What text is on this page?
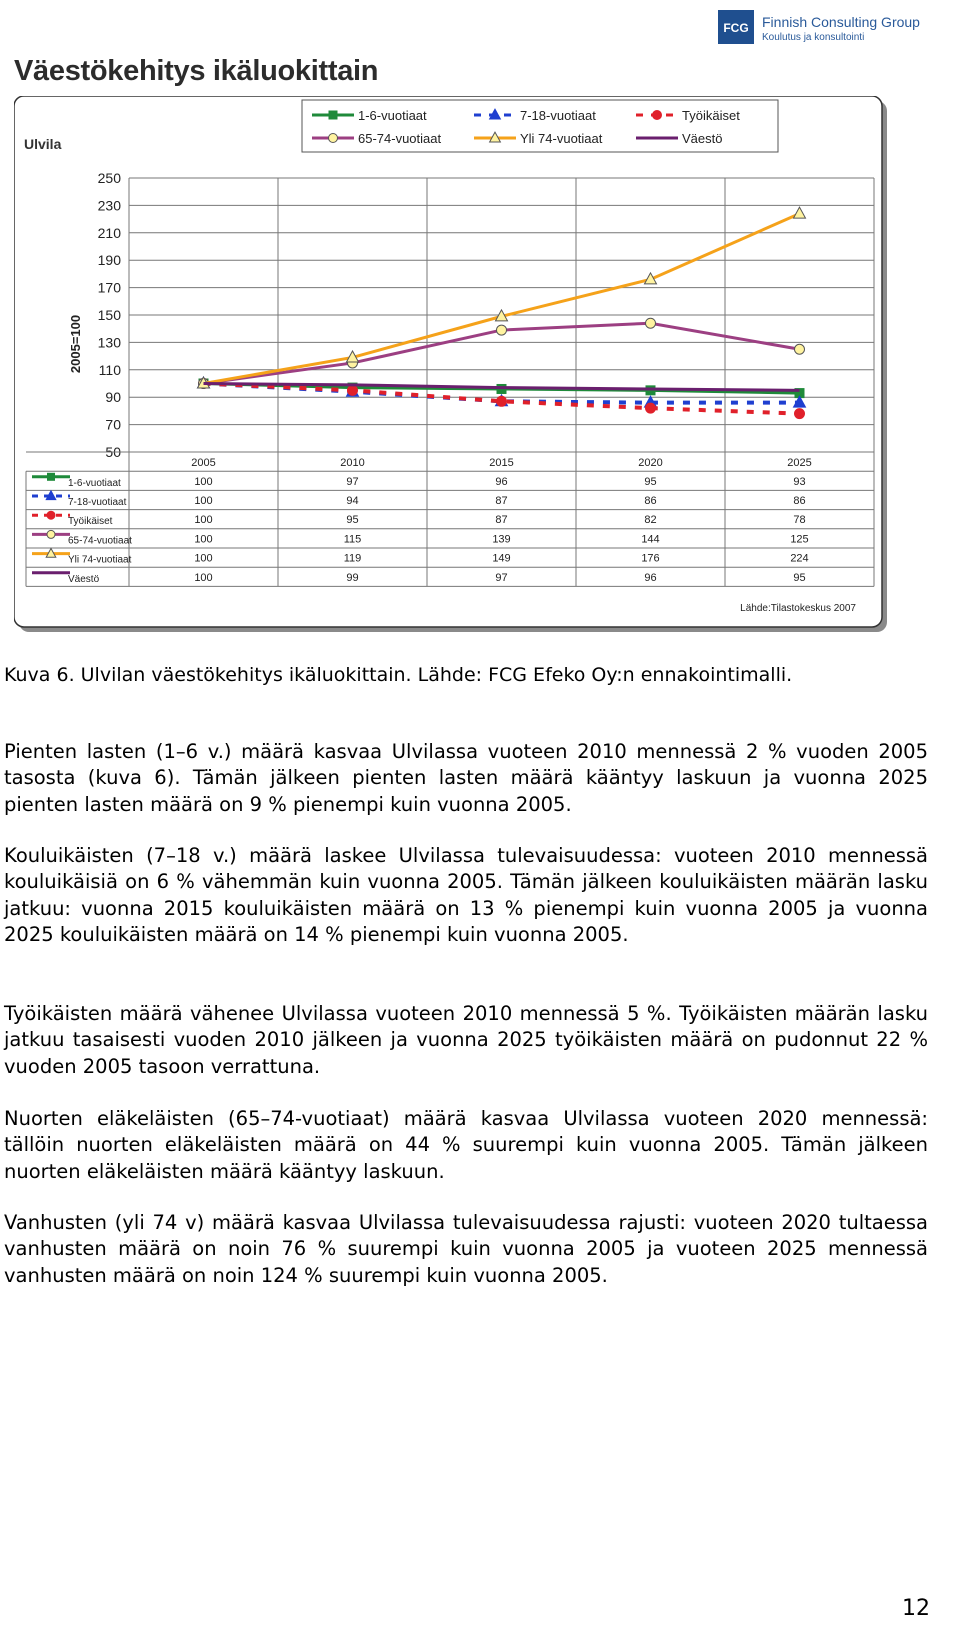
FCG Finnish Consulting Group
Koulutus ja konsultointi
Väestökehitys ikäluokittain
Ulvila
1-6-vuotiaat	7-18-vuotiaat	Työikäiset
65-74-vuotiaat	Yli 74-vuotiaat	Väestö
2005=100
50
70
90
110
130
150
170
190
210
230
250
2005	2010	2015	2020	2025
1-6-vuotiaat	100	97	96	95	93
7-18-vuotiaat	100	94	87	86	86
Työikäiset	100	95	87	82	78
65-74-vuotiaat	100	115	139	144	125
Yli 74-vuotiaat	100	119	149	176	224
Väestö	100	99	97	96	95
Lähde:Tilastokeskus 2007
Kuva 6. Ulvilan väestökehitys ikäluokittain. Lähde: FCG Efeko Oy:n ennakointimalli.
Pienten lasten (1–6 v.) määrä kasvaa Ulvilassa vuoteen 2010 mennessä 2 % vuoden 2005 tasosta (kuva 6). Tämän jälkeen pienten lasten määrä kääntyy laskuun ja vuonna 2025 pienten lasten määrä on 9 % pienempi kuin vuonna 2005.
Kouluikäisten (7–18 v.) määrä laskee Ulvilassa tulevaisuudessa: vuoteen 2010 mennessä kouluikäisiä on 6 % vähemmän kuin vuonna 2005. Tämän jälkeen kouluikäisten määrän lasku jatkuu: vuonna 2015 kouluikäisten määrä on 13 % pienempi kuin vuonna 2005 ja vuonna 2025 kouluikäisten määrä on 14 % pienempi kuin vuonna 2005.
Työikäisten määrä vähenee Ulvilassa vuoteen 2010 mennessä 5 %. Työikäisten määrän lasku jatkuu tasaisesti vuoden 2010 jälkeen ja vuonna 2025 työikäisten määrä on pudonnut 22 % vuoden 2005 tasoon verrattuna.
Nuorten eläkeläisten (65–74-vuotiaat) määrä kasvaa Ulvilassa vuoteen 2020 mennessä: tällöin nuorten eläkeläisten määrä on 44 % suurempi kuin vuonna 2005. Tämän jälkeen nuorten eläkeläisten määrä kääntyy laskuun.
Vanhusten (yli 74 v) määrä kasvaa Ulvilassa tulevaisuudessa rajusti: vuoteen 2020 tultaessa vanhusten määrä on noin 76 % suurempi kuin vuonna 2005 ja vuoteen 2025 mennessä vanhusten määrä on noin 124 % suurempi kuin vuonna 2005.
12
